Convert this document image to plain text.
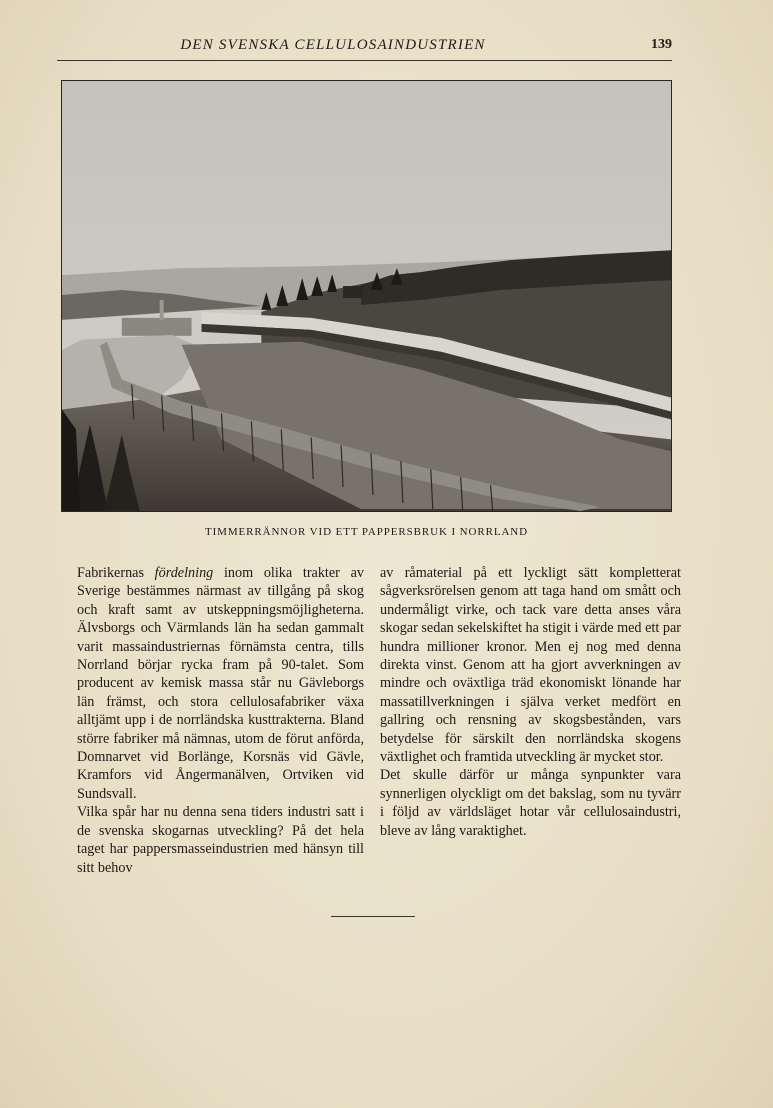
DEN SVENSKA CELLULOSAINDUSTRIEN	139
TIMMERRÄNNOR VID ETT PAPPERSBRUK I NORRLAND

Fabrikernas fördelning inom olika trakter av Sverige bestämmes närmast av tillgång på skog och kraft samt av utskeppningsmöjligheterna. Älvsborgs och Värmlands län ha sedan gammalt varit massaindustriernas förnämsta centra, tills Norrland börjar rycka fram på 90-talet. Som producent av kemisk massa står nu Gävleborgs län främst, och stora cellulosafabriker växa alltjämt upp i de norrländska kusttrakterna. Bland större fabriker må nämnas, utom de förut anförda, Domnarvet vid Borlänge, Korsnäs vid Gävle, Kramfors vid Ångermanälven, Ortviken vid Sundsvall.

Vilka spår har nu denna sena tiders industri satt i de svenska skogarnas utveckling? På det hela taget har pappersmasseindustrien med hänsyn till sitt behov

av råmaterial på ett lyckligt sätt kompletterat sågverksrörelsen genom att taga hand om smått och undermåligt virke, och tack vare detta anses våra skogar sedan sekelskiftet ha stigit i värde med ett par hundra millioner kronor. Men ej nog med denna direkta vinst. Genom att ha gjort avverkningen av mindre och oväxtliga träd ekonomiskt lönande har massatillverkningen i själva verket medfört en gallring och rensning av skogsbestånden, vars betydelse för särskilt den norrländska skogens växtlighet och framtida utveckling är mycket stor.

Det skulle därför ur många synpunkter vara synnerligen olyckligt om det bakslag, som nu tyvärr i följd av världsläget hotar vår cellulosaindustri, bleve av lång varaktighet.
